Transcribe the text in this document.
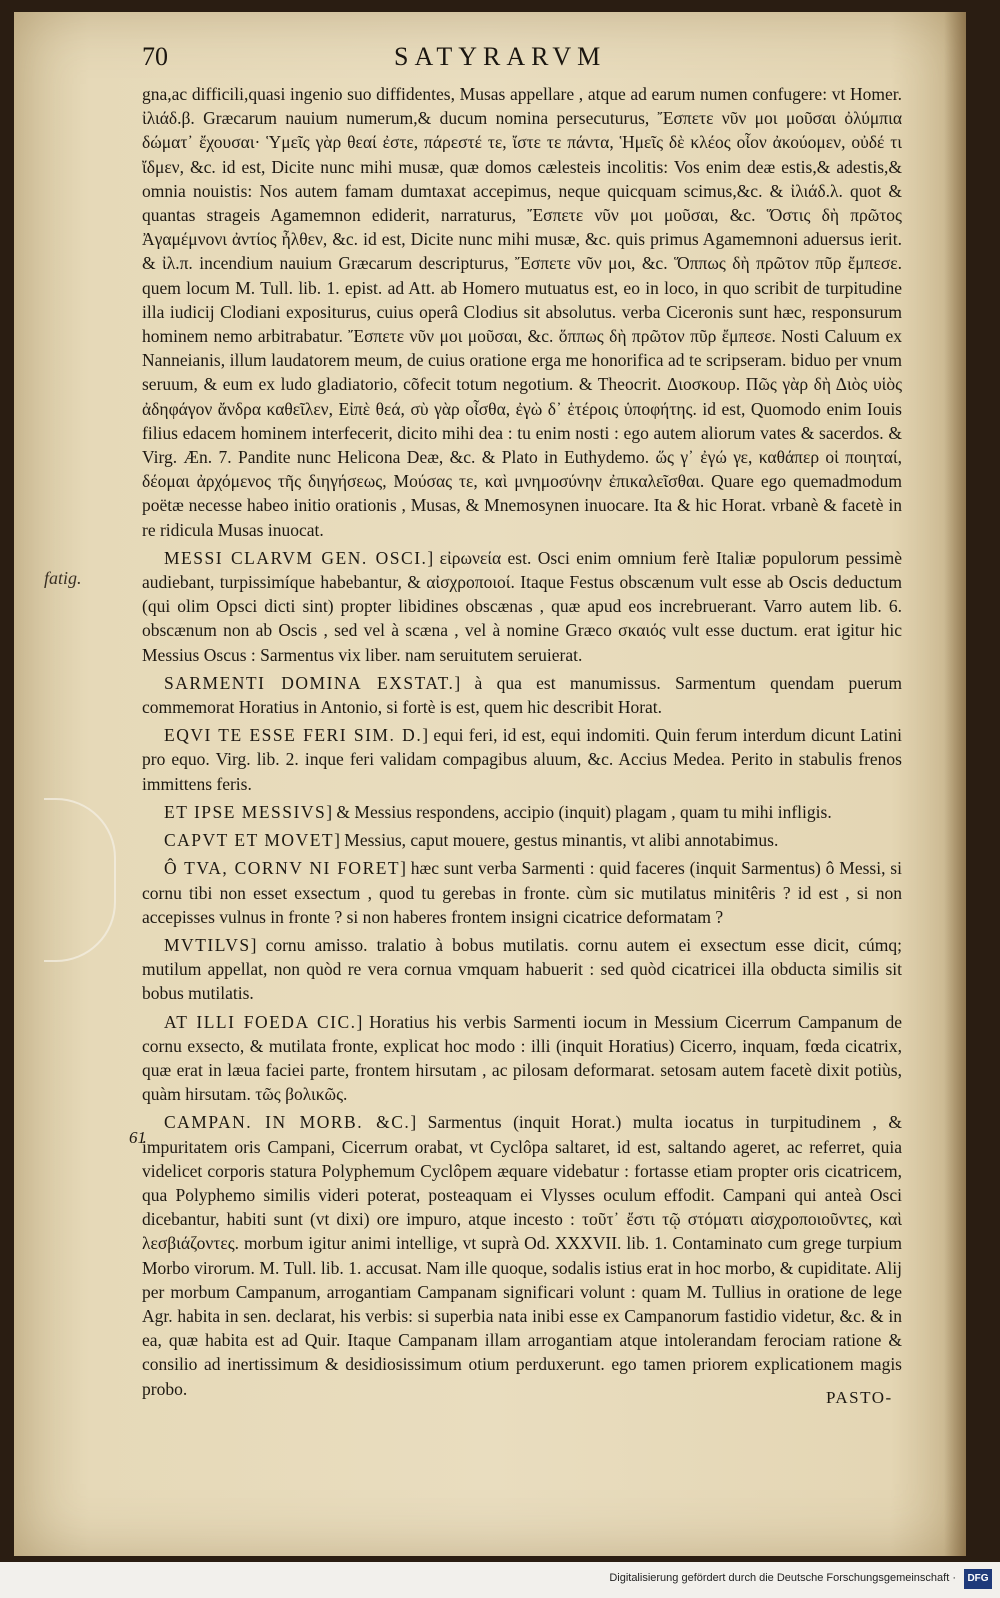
70	SATYRARVM
fatig.
61

gna,ac difficili,quasi ingenio suo diffidentes, Musas appellare , atque ad earum numen confugere: vt Homer. ἰλιάδ.β. Græcarum nauium numerum,& ducum nomina persecuturus, Ἔσπετε νῦν μοι μοῦσαι ὀλύμπια δώματ᾽ ἔχουσαι· Ὑμεῖς γὰρ θεαί ἐστε, πάρεστέ τε, ἴστε τε πάντα, Ἡμεῖς δὲ κλέος οἶον ἀκούομεν, οὐδέ τι ἴδμεν, &c. id est, Dicite nunc mihi musæ, quæ domos cælesteis incolitis: Vos enim deæ estis,& adestis,& omnia nouistis: Nos autem famam dumtaxat accepimus, neque quicquam scimus,&c. & ἰλιάδ.λ. quot & quantas strageis Agamemnon ediderit, narraturus, Ἔσπετε νῦν μοι μοῦσαι, &c. Ὅστις δὴ πρῶτος Ἀγαμέμνονι ἀντίος ἦλθεν, &c. id est, Dicite nunc mihi musæ, &c. quis primus Agamemnoni aduersus ierit. & ἰλ.π. incendium nauium Græcarum descripturus, Ἔσπετε νῦν μοι, &c. Ὅππως δὴ πρῶτον πῦρ ἔμπεσε. quem locum M. Tull. lib. 1. epist. ad Att. ab Homero mutuatus est, eo in loco, in quo scribit de turpitudine illa iudicij Clodiani expositurus, cuius operâ Clodius sit absolutus. verba Ciceronis sunt hæc, responsurum hominem nemo arbitrabatur. Ἔσπετε νῦν μοι μοῦσαι, &c. ὅππως δὴ πρῶτον πῦρ ἔμπεσε. Nosti Caluum ex Nanneianis, illum laudatorem meum, de cuius oratione erga me honorifica ad te scripseram. biduo per vnum seruum, & eum ex ludo gladiatorio, cõfecit totum negotium. & Theocrit. Διοσκουρ. Πῶς γὰρ δὴ Διὸς υἱὸς ἀδηφάγον ἄνδρα καθεῖλεν, Εἰπὲ θεά, σὺ γὰρ οἶσθα, ἐγὼ δ᾽ ἑτέροις ὑποφήτης. id est, Quomodo enim Iouis filius edacem hominem interfecerit, dicito mihi dea : tu enim nosti : ego autem aliorum vates & sacerdos. & Virg. Æn. 7. Pandite nunc Helicona Deæ, &c. & Plato in Euthydemo. ὥς γ᾽ ἐγώ γε, καθάπερ οἱ ποιηταί, δέομαι ἀρχόμενος τῆς διηγήσεως, Μούσας τε, καὶ μνημοσύνην ἐπικαλεῖσθαι. Quare ego quemadmodum poëtæ necesse habeo initio orationis , Musas, & Mnemosynen inuocare. Ita & hic Horat. vrbanè & facetè in re ridicula Musas inuocat.

MESSI CLARVM GEN. OSCI.] εἰρωνεία est. Osci enim omnium ferè Italiæ populorum pessimè audiebant, turpissimíque habebantur, & αἰσχροποιοί. Itaque Festus obscænum vult esse ab Oscis deductum (qui olim Opsci dicti sint) propter libidines obscænas , quæ apud eos increbruerant. Varro autem lib. 6. obscænum non ab Oscis , sed vel à scæna , vel à nomine Græco σκαιός vult esse ductum. erat igitur hic Messius Oscus : Sarmentus vix liber. nam seruitutem seruierat.

SARMENTI DOMINA EXSTAT.] à qua est manumissus. Sarmentum quendam puerum commemorat Horatius in Antonio, si fortè is est, quem hic describit Horat.

EQVI TE ESSE FERI SIM. D.] equi feri, id est, equi indomiti. Quin ferum interdum dicunt Latini pro equo. Virg. lib. 2. inque feri validam compagibus aluum, &c. Accius Medea. Perito in stabulis frenos immittens feris.

ET IPSE MESSIVS] & Messius respondens, accipio (inquit) plagam , quam tu mihi infligis.

CAPVT ET MOVET] Messius, caput mouere, gestus minantis, vt alibi annotabimus.

Ô TVA, CORNV NI FORET] hæc sunt verba Sarmenti : quid faceres (inquit Sarmentus) ô Messi, si cornu tibi non esset exsectum , quod tu gerebas in fronte. cùm sic mutilatus minitêris ? id est , si non accepisses vulnus in fronte ? si non haberes frontem insigni cicatrice deformatam ?

MVTILVS] cornu amisso. tralatio à bobus mutilatis. cornu autem ei exsectum esse dicit, cúmq; mutilum appellat, non quòd re vera cornua vmquam habuerit : sed quòd cicatricei illa obducta similis sit bobus mutilatis.

AT ILLI FOEDA CIC.] Horatius his verbis Sarmenti iocum in Messium Cicerrum Campanum de cornu exsecto, & mutilata fronte, explicat hoc modo : illi (inquit Horatius) Cicerro, inquam, fœda cicatrix, quæ erat in læua faciei parte, frontem hirsutam , ac pilosam deformarat. setosam autem facetè dixit potiùs, quàm hirsutam. τῶς βολικῶς.

CAMPAN. IN MORB. &C.] Sarmentus (inquit Horat.) multa iocatus in turpitudinem , & impuritatem oris Campani, Cicerrum orabat, vt Cyclôpa saltaret, id est, saltando ageret, ac referret, quia videlicet corporis statura Polyphemum Cyclôpem æquare videbatur : fortasse etiam propter oris cicatricem, qua Polyphemo similis videri poterat, posteaquam ei Vlysses oculum effodit. Campani qui anteà Osci dicebantur, habiti sunt (vt dixi) ore impuro, atque incesto : τοῦτ᾽ ἔστι τῷ στόματι αἰσχροποιοῦντες, καὶ λεσβιάζοντες. morbum igitur animi intellige, vt suprà Od. XXXVII. lib. 1. Contaminato cum grege turpium Morbo virorum. M. Tull. lib. 1. accusat. Nam ille quoque, sodalis istius erat in hoc morbo, & cupiditate. Alij per morbum Campanum, arrogantiam Campanam significari volunt : quam M. Tullius in oratione de lege Agr. habita in sen. declarat, his verbis: si superbia nata inibi esse ex Campanorum fastidio videtur, &c. & in ea, quæ habita est ad Quir. Itaque Campanam illam arrogantiam atque intolerandam ferociam ratione & consilio ad inertissimum & desidiosissimum otium perduxerunt. ego tamen priorem explicationem magis probo.	PASTO-
Digitalisierung gefördert durch die Deutsche Forschungsgemeinschaft ·	DFG
